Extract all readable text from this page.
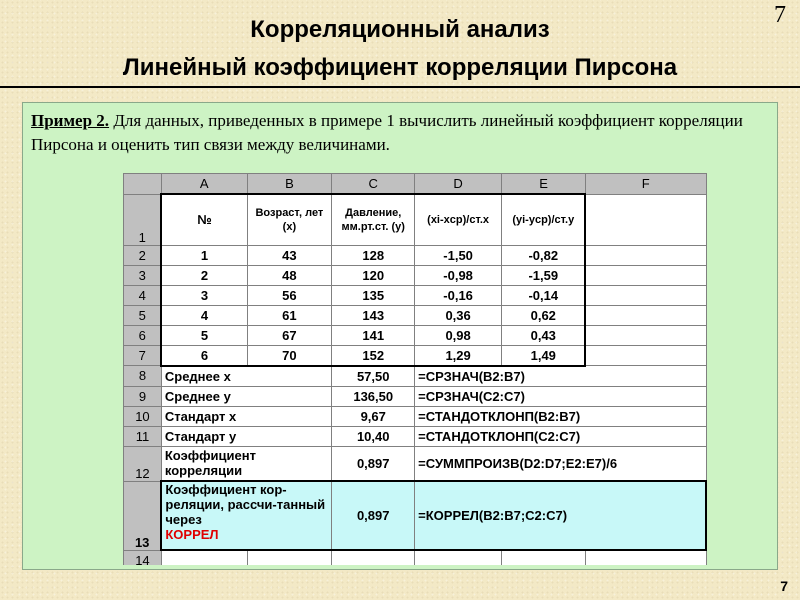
7
Корреляционный анализ
Линейный коэффициент корреляции Пирсона
Пример 2. Для данных, приведенных в примере 1 вычислить линейный коэффициент корреляции Пирсона и оценить тип связи между величинами.
	A	B	C	D	E	F
1	№	Возраст, лет (x)	Давление, мм.рт.ст. (y)	(xi-xср)/ст.x	(yi-yср)/ст.y	
2	1	43	128	-1,50	-0,82	
3	2	48	120	-0,98	-1,59	
4	3	56	135	-0,16	-0,14	
5	4	61	143	0,36	0,62	
6	5	67	141	0,98	0,43	
7	6	70	152	1,29	1,49	
8	Среднее x		57,50	=СРЗНАЧ(B2:B7)		
9	Среднее y		136,50	=СРЗНАЧ(C2:C7)		
10	Стандарт x		9,67	=СТАНДОТКЛОНП(B2:B7)		
11	Стандарт y		10,40	=СТАНДОТКЛОНП(C2:C7)		
12	Коэффициент корреляции		0,897	=СУММПРОИЗВ(D2:D7;E2:E7)/6		
13	Коэффициент кор-реляции, рассчи-танный через
КОРРЕЛ		0,897	=КОРРЕЛ(B2:B7;C2:C7)		
14						
7
